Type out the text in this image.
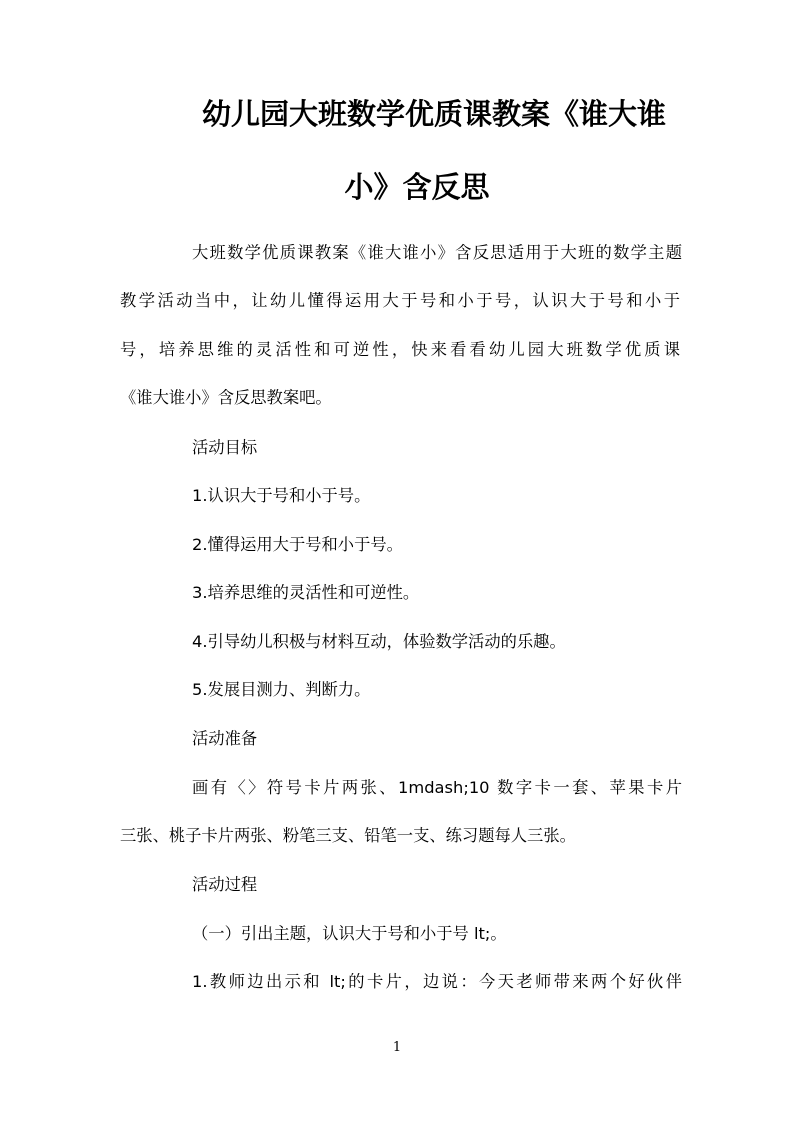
幼儿园大班数学优质课教案《谁大谁
小》含反思
大班数学优质课教案《谁大谁小》含反思适用于大班的数学主题
教学活动当中，让幼儿懂得运用大于号和小于号，认识大于号和小于
号，培养思维的灵活性和可逆性，快来看看幼儿园大班数学优质课
《谁大谁小》含反思教案吧。
活动目标
1.认识大于号和小于号。
2.懂得运用大于号和小于号。
3.培养思维的灵活性和可逆性。
4.引导幼儿积极与材料互动，体验数学活动的乐趣。
5.发展目测力、判断力。
活动准备
画有〈〉符号卡片两张、1mdash;10 数字卡一套、苹果卡片
三张、桃子卡片两张、粉笔三支、铅笔一支、练习题每人三张。
活动过程
（一）引出主题，认识大于号和小于号 lt;。
1.教师边出示和 lt;的卡片，边说：今天老师带来两个好伙伴
1
